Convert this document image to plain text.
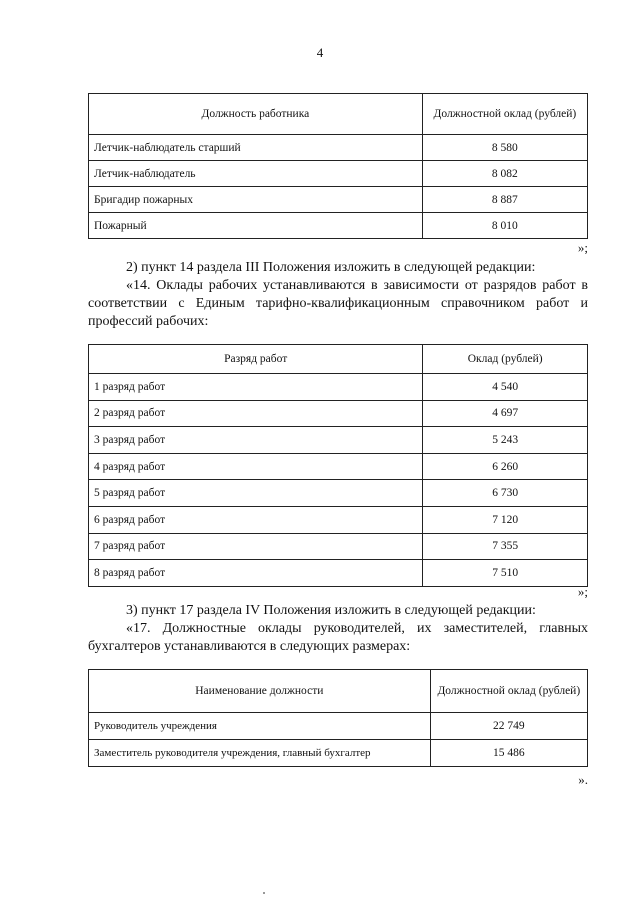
4
Должность работника	Должностной оклад (рублей)
Летчик-наблюдатель старший	8 580
Летчик-наблюдатель	8 082
Бригадир пожарных	8 887
Пожарный	8 010
»;
2) пункт 14 раздела III Положения изложить в следующей редакции:
«14. Оклады рабочих устанавливаются в зависимости от разрядов работ в соответствии с Единым тарифно-квалификационным справочником работ и профессий рабочих:
Разряд работ	Оклад (рублей)
1 разряд работ	4 540
2 разряд работ	4 697
3 разряд работ	5 243
4 разряд работ	6 260
5 разряд работ	6 730
6 разряд работ	7 120
7 разряд работ	7 355
8 разряд работ	7 510
»;
3) пункт 17 раздела IV Положения изложить в следующей редакции:
«17. Должностные оклады руководителей, их заместителей, главных бухгалтеров устанавливаются в следующих размерах:
Наименование должности	Должностной оклад (рублей)
Руководитель учреждения	22 749
Заместитель руководителя учреждения, главный бухгалтер	15 486
».
